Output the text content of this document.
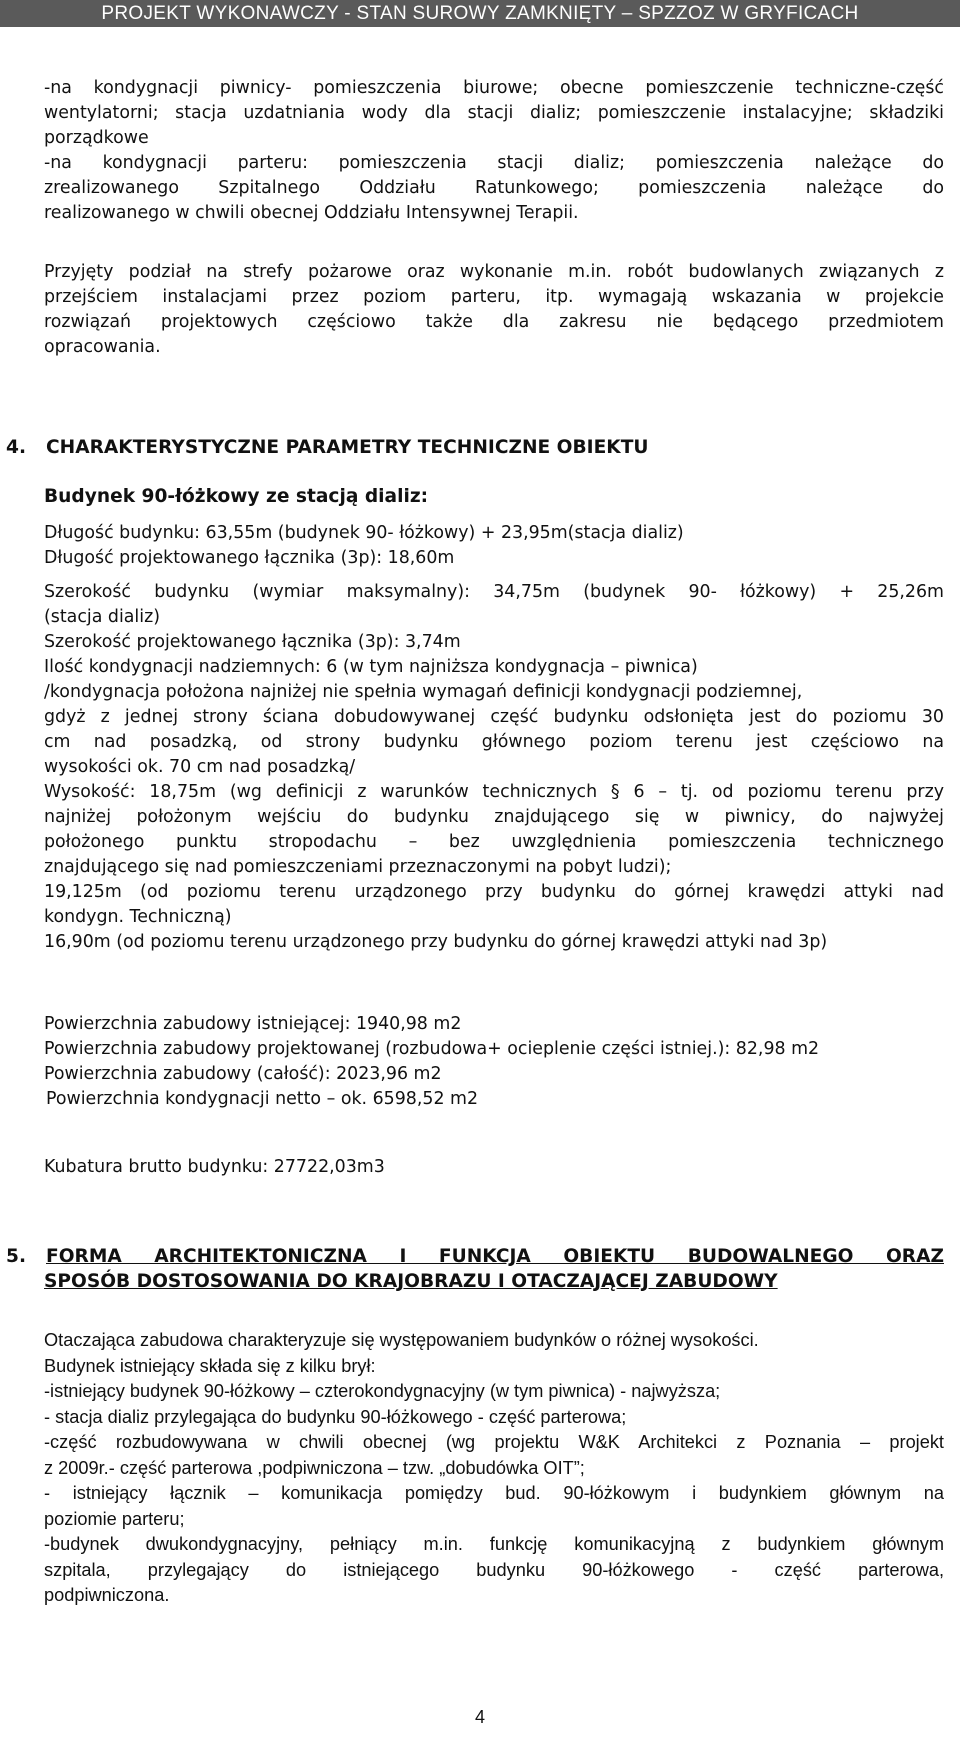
PROJEKT WYKONAWCZY - STAN SUROWY ZAMKNIĘTY – SPZZOZ W GRYFICACH

-na kondygnacji piwnicy- pomieszczenia biurowe; obecne pomieszczenie techniczne-część
wentylatorni; stacja uzdatniania wody dla stacji dializ; pomieszczenie instalacyjne; składziki
porządkowe
-na kondygnacji parteru: pomieszczenia stacji dializ; pomieszczenia należące do
zrealizowanego Szpitalnego Oddziału Ratunkowego; pomieszczenia należące do
realizowanego w chwili obecnej Oddziału Intensywnej Terapii.

Przyjęty podział na strefy pożarowe oraz wykonanie m.in. robót budowlanych związanych z
przejściem instalacjami przez poziom parteru, itp. wymagają wskazania w projekcie
rozwiązań projektowych częściowo także dla zakresu nie będącego przedmiotem
opracowania.

4. CHARAKTERYSTYCZNE PARAMETRY TECHNICZNE OBIEKTU

Budynek 90-łóżkowy ze stacją dializ:

Długość budynku: 63,55m (budynek 90- łóżkowy) + 23,95m(stacja dializ)
Długość projektowanego łącznika (3p): 18,60m

Szerokość budynku (wymiar maksymalny): 34,75m (budynek 90- łóżkowy) + 25,26m
(stacja dializ)
Szerokość projektowanego łącznika (3p): 3,74m
Ilość kondygnacji nadziemnych: 6 (w tym najniższa kondygnacja – piwnica)
/kondygnacja położona najniżej nie spełnia wymagań definicji kondygnacji podziemnej,
gdyż z jednej strony ściana dobudowywanej część budynku odsłonięta jest do poziomu 30
cm nad posadzką, od strony budynku głównego poziom terenu jest częściowo na
wysokości ok. 70 cm nad posadzką/
Wysokość: 18,75m (wg definicji z warunków technicznych § 6 – tj. od poziomu terenu przy
najniżej położonym wejściu do budynku znajdującego się w piwnicy, do najwyżej
położonego punktu stropodachu – bez uwzględnienia pomieszczenia technicznego
znajdującego się nad pomieszczeniami przeznaczonymi na pobyt ludzi);
19,125m (od poziomu terenu urządzonego przy budynku do górnej krawędzi attyki nad
kondygn. Techniczną)
16,90m (od poziomu terenu urządzonego przy budynku do górnej krawędzi attyki nad 3p)

Powierzchnia zabudowy istniejącej: 1940,98 m2
Powierzchnia zabudowy projektowanej (rozbudowa+ ocieplenie części istniej.): 82,98 m2
Powierzchnia zabudowy (całość): 2023,96 m2
Powierzchnia kondygnacji netto – ok. 6598,52 m2

Kubatura brutto budynku: 27722,03m3

5. FORMA ARCHITEKTONICZNA I FUNKCJA OBIEKTU BUDOWALNEGO ORAZ
SPOSÓB DOSTOSOWANIA DO KRAJOBRAZU I OTACZAJĄCEJ ZABUDOWY

Otaczająca zabudowa charakteryzuje się występowaniem budynków o różnej wysokości.
Budynek istniejący składa się z kilku brył:
-istniejący budynek 90-łóżkowy – czterokondygnacyjny (w tym piwnica) - najwyższa;
- stacja dializ przylegająca do budynku 90-łóżkowego - część parterowa;
-część rozbudowywana w chwili obecnej (wg projektu W&K Architekci z Poznania – projekt
z 2009r.- część parterowa ,podpiwniczona – tzw. „dobudówka OIT”;
- istniejący łącznik – komunikacja pomiędzy bud. 90-łóżkowym i budynkiem głównym na
poziomie parteru;
-budynek dwukondygnacyjny, pełniący m.in. funkcję komunikacyjną z budynkiem głównym
szpitala, przylegający do istniejącego budynku 90-łóżkowego - część parterowa,
podpiwniczona.

4
